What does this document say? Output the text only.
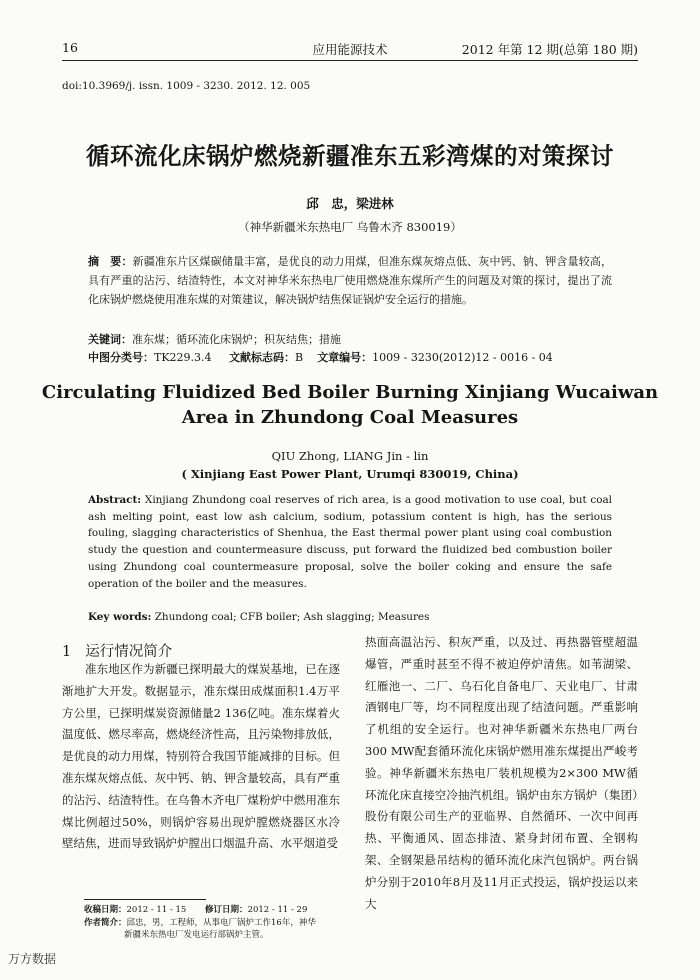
16	应用能源技术	2012 年第 12 期(总第 180 期)
doi:10.3969/j. issn. 1009 - 3230. 2012. 12. 005
循环流化床锅炉燃烧新疆准东五彩湾煤的对策探讨
邱　忠，梁进林
（神华新疆米东热电厂 乌鲁木齐 830019）
摘　要：新疆准东片区煤碳储量丰富，是优良的动力用煤，但准东煤灰熔点低、灰中钙、钠、钾含量较高，具有严重的沾污、结渣特性，本文对神华米东热电厂使用燃烧准东煤所产生的问题及对策的探讨，提出了流化床锅炉燃烧使用准东煤的对策建议，解决锅炉结焦保证锅炉安全运行的措施。
关键词：准东煤；循环流化床锅炉；积灰结焦；措施
中图分类号：TK229.3.4 文献标志码：B 文章编号：1009 - 3230(2012)12 - 0016 - 04
Circulating Fluidized Bed Boiler Burning Xinjiang Wucaiwan Area in Zhundong Coal Measures
QIU Zhong, LIANG Jin - lin
( Xinjiang East Power Plant, Urumqi 830019, China)
Abstract: Xinjiang Zhundong coal reserves of rich area, is a good motivation to use coal, but coal ash melting point, east low ash calcium, sodium, potassium content is high, has the serious fouling, slagging characteristics of Shenhua, the East thermal power plant using coal combustion study the question and countermeasure discuss, put forward the fluidized bed combustion boiler using Zhundong coal countermeasure proposal, solve the boiler coking and ensure the safe operation of the boiler and the measures.
Key words: Zhundong coal; CFB boiler; Ash slagging; Measures
1 运行情况简介

准东地区作为新疆已探明最大的煤炭基地，已在逐渐地扩大开发。数据显示，准东煤田成煤面积1.4万平方公里，已探明煤炭资源储量2 136亿吨。准东煤着火温度低、燃尽率高，燃烧经济性高，且污染物排放低，是优良的动力用煤，特别符合我国节能减排的目标。但准东煤灰熔点低、灰中钙、钠、钾含量较高，具有严重的沾污、结渣特性。在乌鲁木齐电厂煤粉炉中燃用准东煤比例超过50%，则锅炉容易出现炉膛燃烧器区水冷壁结焦，进而导致锅炉炉膛出口烟温升高、水平烟道受

热面高温沾污、积灰严重，以及过、再热器管壁超温爆管，严重时甚至不得不被迫停炉清焦。如苇湖梁、红雁池一、二厂、乌石化自备电厂、天业电厂、甘肃酒钢电厂等，均不同程度出现了结渣问题。严重影响了机组的安全运行。也对神华新疆米东热电厂两台300 MW配套循环流化床锅炉燃用准东煤提出严峻考验。神华新疆米东热电厂装机规模为2×300 MW循环流化床直接空冷抽汽机组。锅炉由东方锅炉（集团）股份有限公司生产的亚临界、自然循环、一次中间再热、平衡通风、固态排渣、紧身封闭布置、全钢构架、全钢架悬吊结构的循环流化床汽包锅炉。两台锅炉分别于2010年8月及11月正式投运，锅炉投运以来大

收稿日期：2012 - 11 - 15 修订日期：2012 - 11 - 29

作者简介：邱忠，男，工程师，从事电厂锅炉工作16年，神华

新疆米东热电厂发电运行部锅炉主管。

万方数据
